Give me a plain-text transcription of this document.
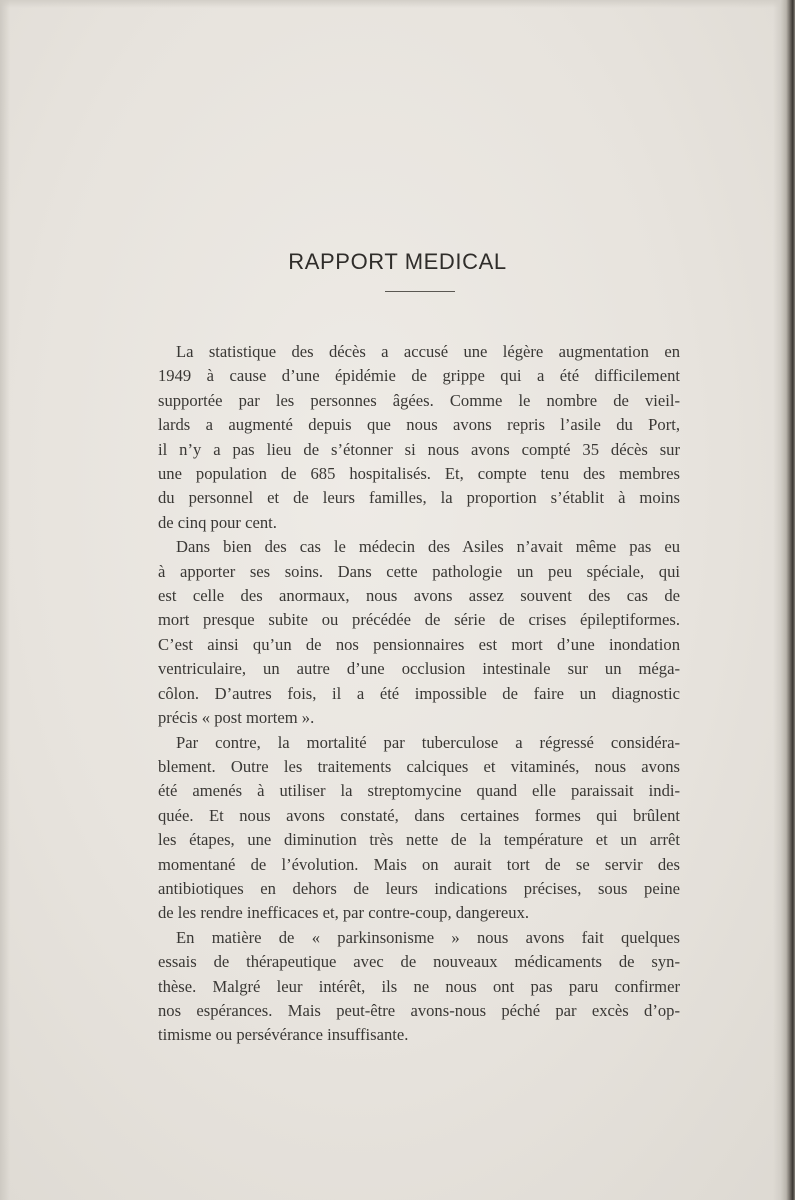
RAPPORT MEDICAL

La statistique des décès a accusé une légère augmentation en
1949 à cause d’une épidémie de grippe qui a été difficilement
supportée par les personnes âgées. Comme le nombre de vieil-
lards a augmenté depuis que nous avons repris l’asile du Port,
il n’y a pas lieu de s’étonner si nous avons compté 35 décès sur
une population de 685 hospitalisés. Et, compte tenu des membres
du personnel et de leurs familles, la proportion s’établit à moins
de cinq pour cent.

Dans bien des cas le médecin des Asiles n’avait même pas eu
à apporter ses soins. Dans cette pathologie un peu spéciale, qui
est celle des anormaux, nous avons assez souvent des cas de
mort presque subite ou précédée de série de crises épileptiformes.
C’est ainsi qu’un de nos pensionnaires est mort d’une inondation
ventriculaire, un autre d’une occlusion intestinale sur un méga-
côlon. D’autres fois, il a été impossible de faire un diagnostic
précis « post mortem ».

Par contre, la mortalité par tuberculose a régressé considéra-
blement. Outre les traitements calciques et vitaminés, nous avons
été amenés à utiliser la streptomycine quand elle paraissait indi-
quée. Et nous avons constaté, dans certaines formes qui brûlent
les étapes, une diminution très nette de la température et un arrêt
momentané de l’évolution. Mais on aurait tort de se servir des
antibiotiques en dehors de leurs indications précises, sous peine
de les rendre inefficaces et, par contre-coup, dangereux.

En matière de « parkinsonisme » nous avons fait quelques
essais de thérapeutique avec de nouveaux médicaments de syn-
thèse. Malgré leur intérêt, ils ne nous ont pas paru confirmer
nos espérances. Mais peut-être avons-nous péché par excès d’op-
timisme ou persévérance insuffisante.
